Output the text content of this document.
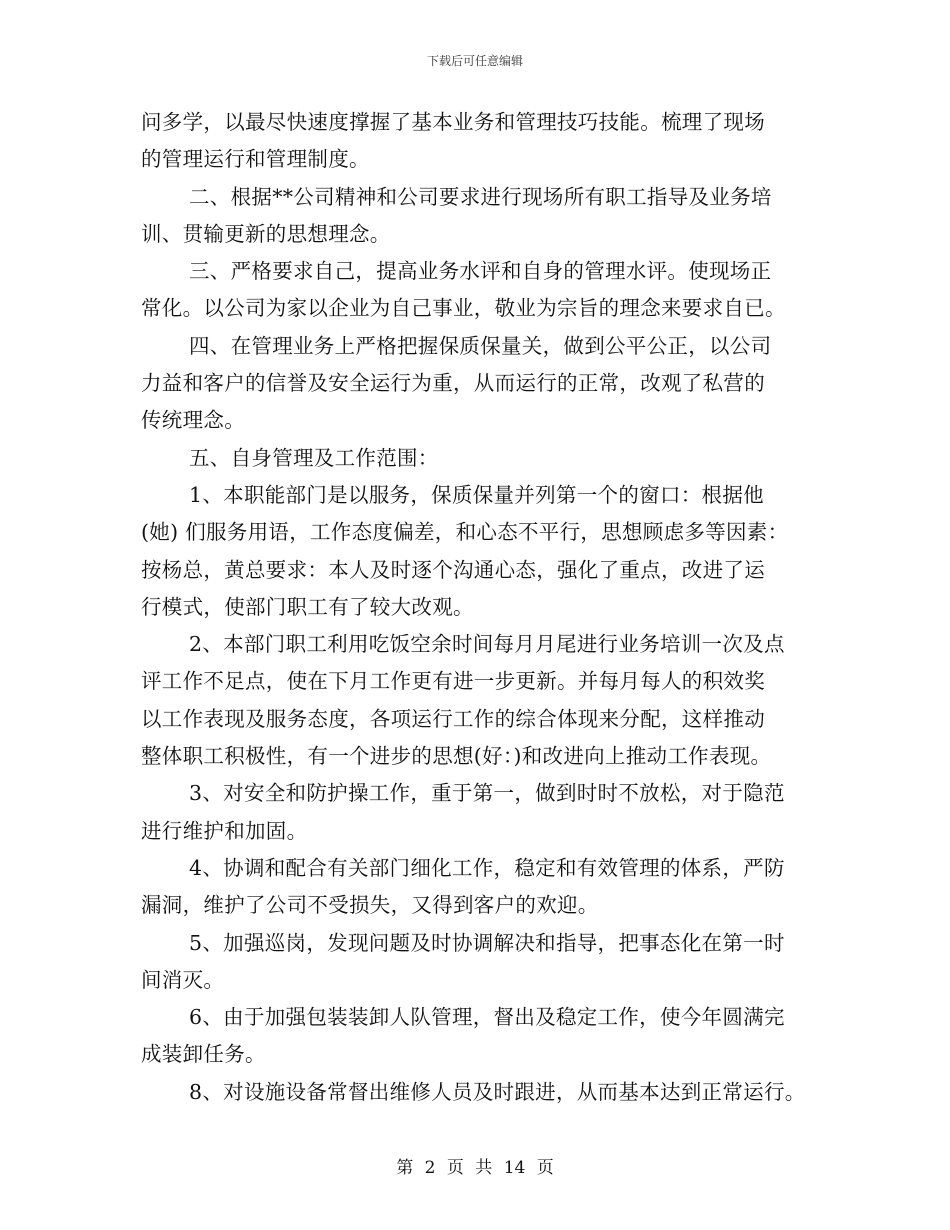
下载后可任意编辑
问多学，以最尽快速度撑握了基本业务和管理技巧技能。梳理了现场
的管理运行和管理制度。
二、根据**公司精神和公司要求进行现场所有职工指导及业务培
训、贯输更新的思想理念。
三、严格要求自己，提高业务水评和自身的管理水评。使现场正
常化。以公司为家以企业为自己事业，敬业为宗旨的理念来要求自已。
四、在管理业务上严格把握保质保量关，做到公平公正，以公司
力益和客户的信誉及安全运行为重，从而运行的正常，改观了私营的
传统理念。
五、自身管理及工作范围：
1、本职能部门是以服务，保质保量并列第一个的窗口：根据他
(她) 们服务用语，工作态度偏差，和心态不平行，思想顾虑多等因素：
按杨总，黄总要求：本人及时逐个沟通心态，强化了重点，改进了运
行模式，使部门职工有了较大改观。
2、本部门职工利用吃饭空余时间每月月尾进行业务培训一次及点
评工作不足点，使在下月工作更有进一步更新。并每月每人的积效奖
以工作表现及服务态度，各项运行工作的综合体现来分配，这样推动
整体职工积极性，有一个进步的思想(好：)和改进向上推动工作表现。
3、对安全和防护操工作，重于第一，做到时时不放松，对于隐范
进行维护和加固。
4、协调和配合有关部门细化工作，稳定和有效管理的体系，严防
漏洞，维护了公司不受损失，又得到客户的欢迎。
5、加强巡岗，发现问题及时协调解决和指导，把事态化在第一时
间消灭。
6、由于加强包装装卸人队管理，督出及稳定工作，使今年圆满完
成装卸任务。
8、对设施设备常督出维修人员及时跟进，从而基本达到正常运行。
第 2 页 共 14 页
